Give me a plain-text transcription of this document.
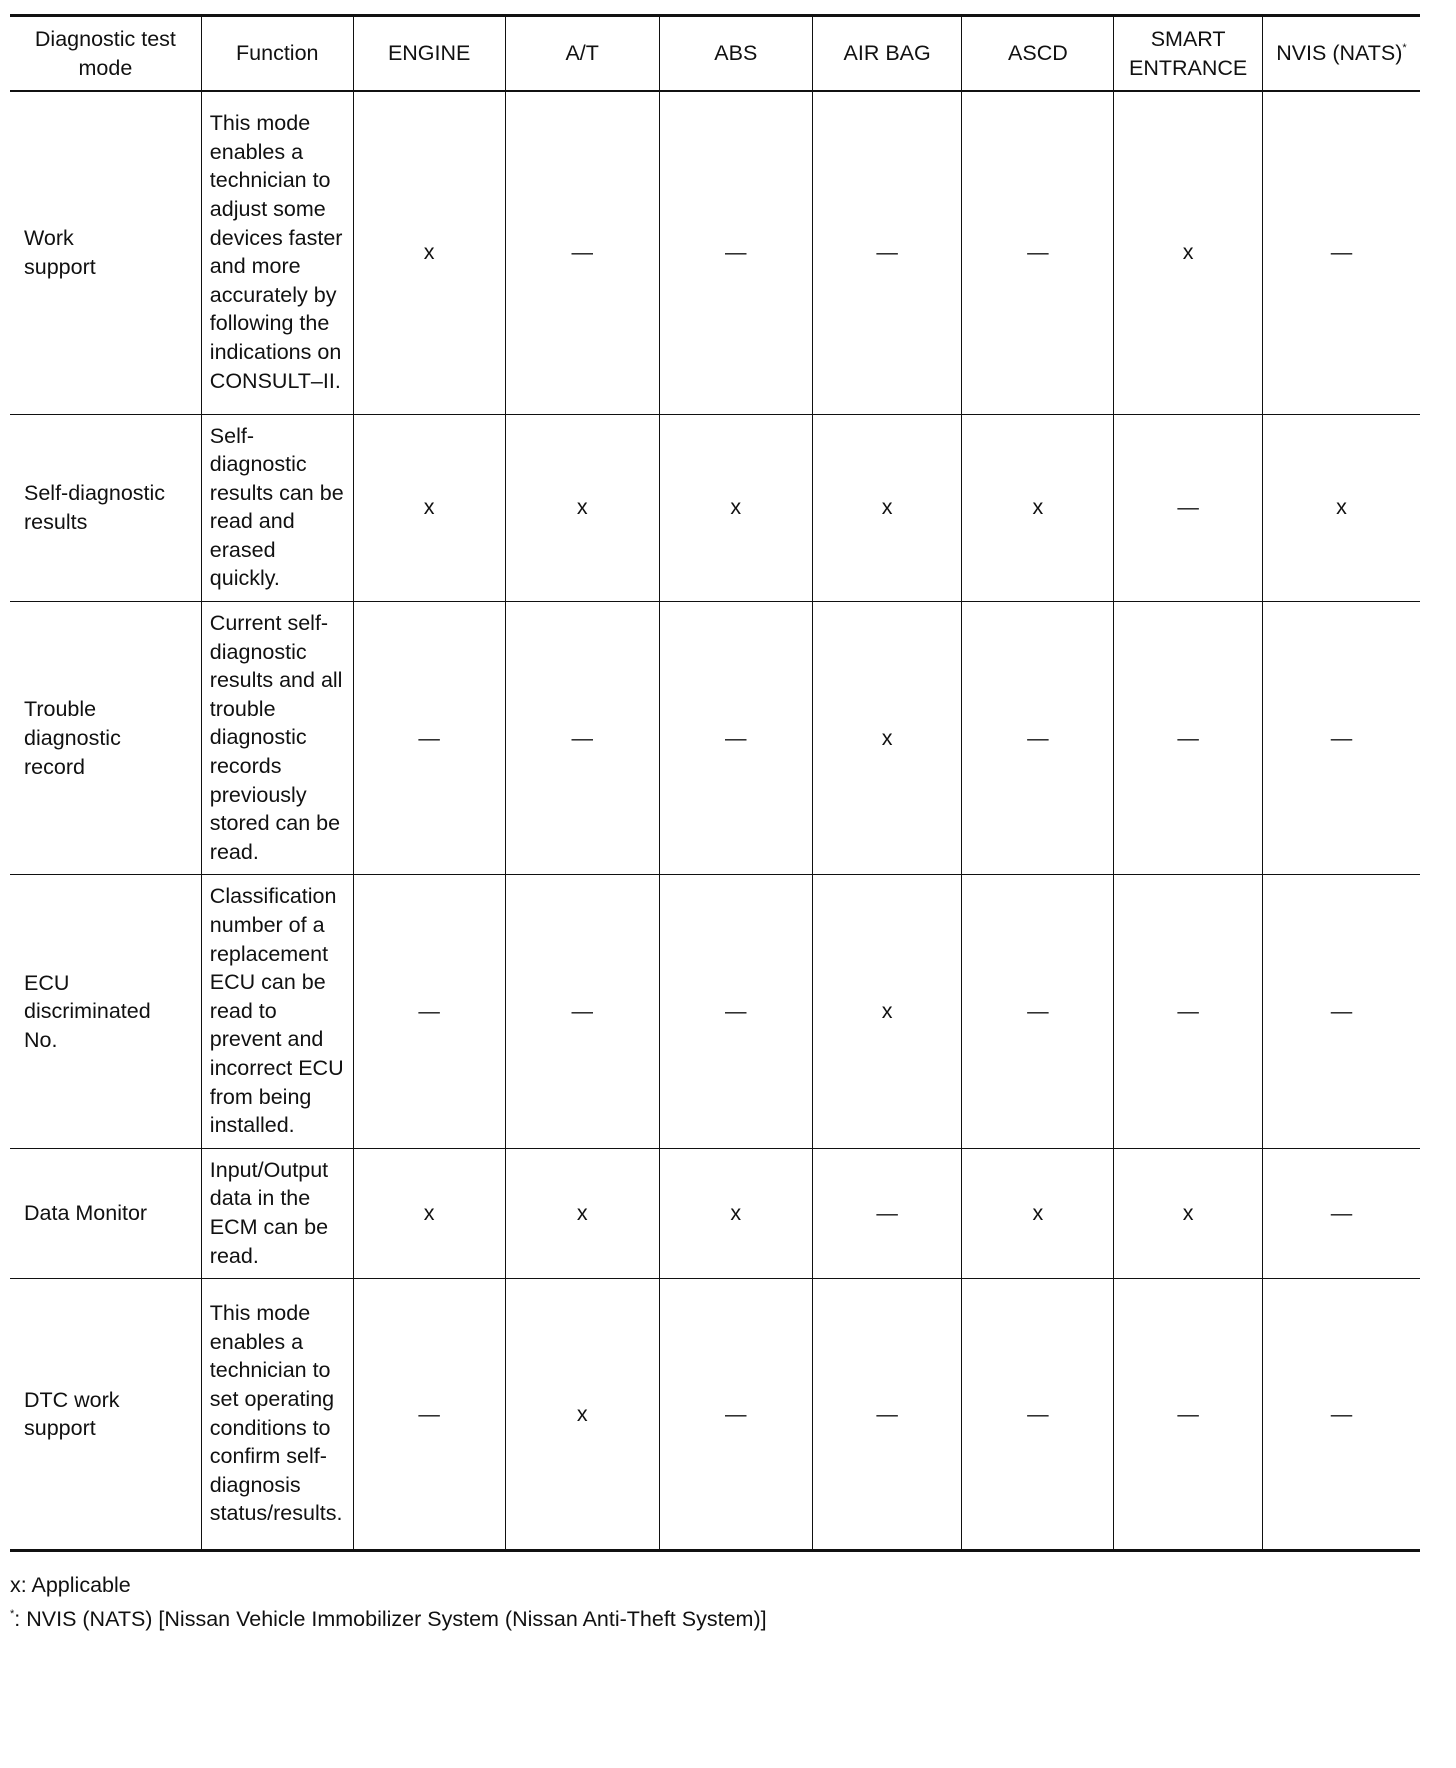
Diagnostic test mode	Function	ENGINE	A/T	ABS	AIR BAG	ASCD	SMART ENTRANCE	NVIS (NATS)*

Work support	This mode enables a technician to adjust some devices faster and more accurately by following the indications on CONSULT–II.	x	—	—	—	—	x	—

Self-diagnostic results	Self-diagnostic results can be read and erased quickly.	x	x	x	x	x	—	x

Trouble diagnostic record	Current self-diagnostic results and all trouble diagnostic records previously stored can be read.	—	—	—	x	—	—	—

ECU discriminated No.	Classification number of a replacement ECU can be read to prevent and incorrect ECU from being installed.	—	—	—	x	—	—	—

Data Monitor	Input/Output data in the ECM can be read.	x	x	x	—	x	x	—

DTC work support	This mode enables a technician to set operating conditions to confirm self-diagnosis status/results.	—	x	—	—	—	—	—
x: Applicable
*: NVIS (NATS) [Nissan Vehicle Immobilizer System (Nissan Anti-Theft System)]
